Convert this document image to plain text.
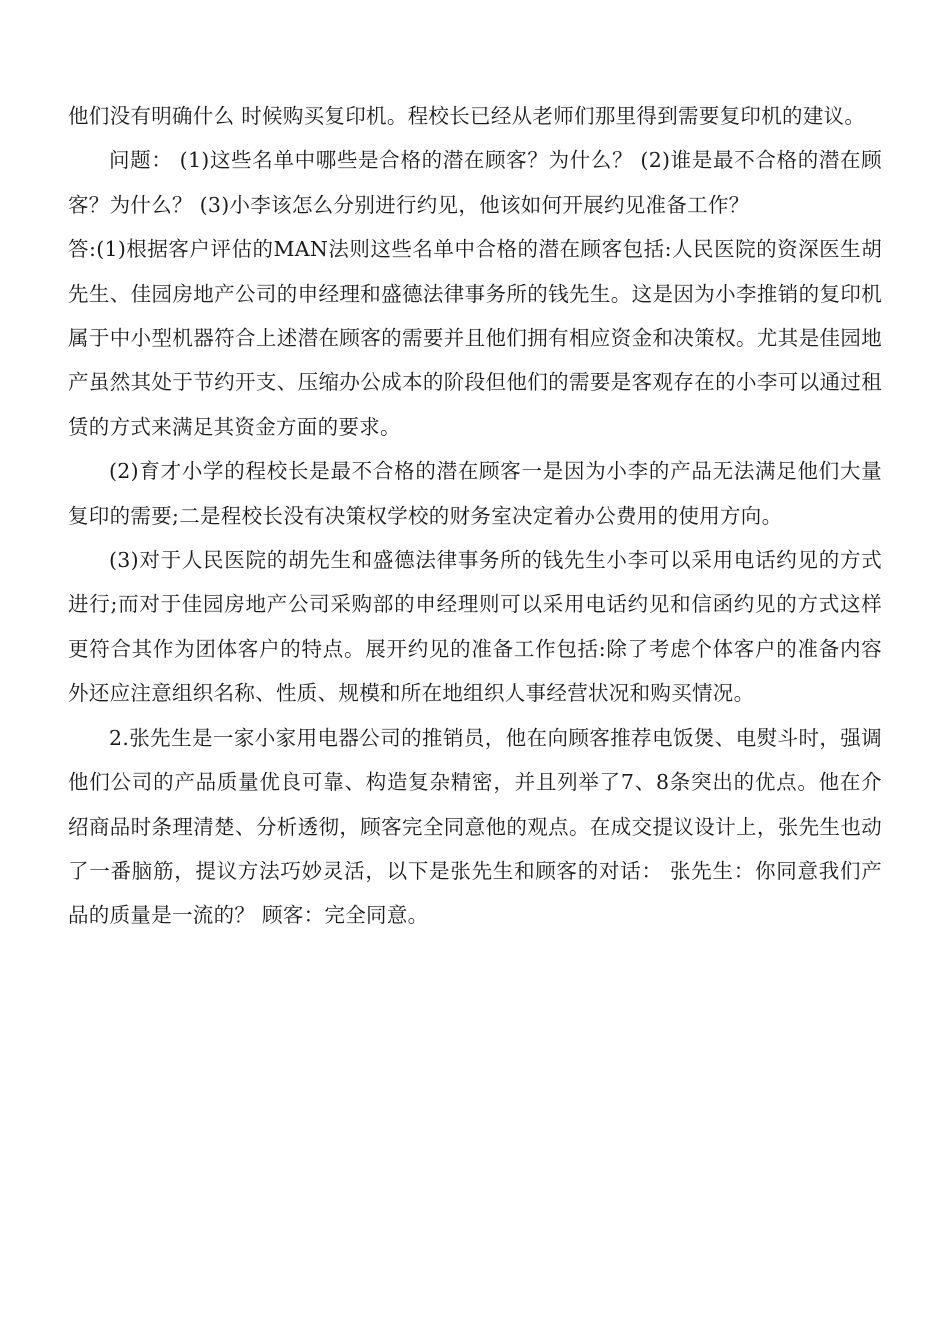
他们没有明确什么 时候购买复印机。程校长已经从老师们那里得到需要复印机的建议。

问题： (1)这些名单中哪些是合格的潜在顾客？为什么？ (2)谁是最不合格的潜在顾客？为什么？ (3)小李该怎么分别进行约见，他该如何开展约见准备工作？

答:(1)根据客户评估的MAN法则这些名单中合格的潜在顾客包括:人民医院的资深医生胡先生、佳园房地产公司的申经理和盛德法律事务所的钱先生。这是因为小李推销的复印机属于中小型机器符合上述潜在顾客的需要并且他们拥有相应资金和决策权。尤其是佳园地产虽然其处于节约开支、压缩办公成本的阶段但他们的需要是客观存在的小李可以通过租赁的方式来满足其资金方面的要求。

(2)育才小学的程校长是最不合格的潜在顾客一是因为小李的产品无法满足他们大量复印的需要;二是程校长没有决策权学校的财务室决定着办公费用的使用方向。

(3)对于人民医院的胡先生和盛德法律事务所的钱先生小李可以采用电话约见的方式进行;而对于佳园房地产公司采购部的申经理则可以采用电话约见和信函约见的方式这样更符合其作为团体客户的特点。展开约见的准备工作包括:除了考虑个体客户的准备内容外还应注意组织名称、性质、规模和所在地组织人事经营状况和购买情况。

2.张先生是一家小家用电器公司的推销员，他在向顾客推荐电饭煲、电熨斗时，强调他们公司的产品质量优良可靠、构造复杂精密，并且列举了7、8条突出的优点。他在介绍商品时条理清楚、分析透彻，顾客完全同意他的观点。在成交提议设计上，张先生也动了一番脑筋，提议方法巧妙灵活，以下是张先生和顾客的对话： 张先生：你同意我们产品的质量是一流的？ 顾客：完全同意。
